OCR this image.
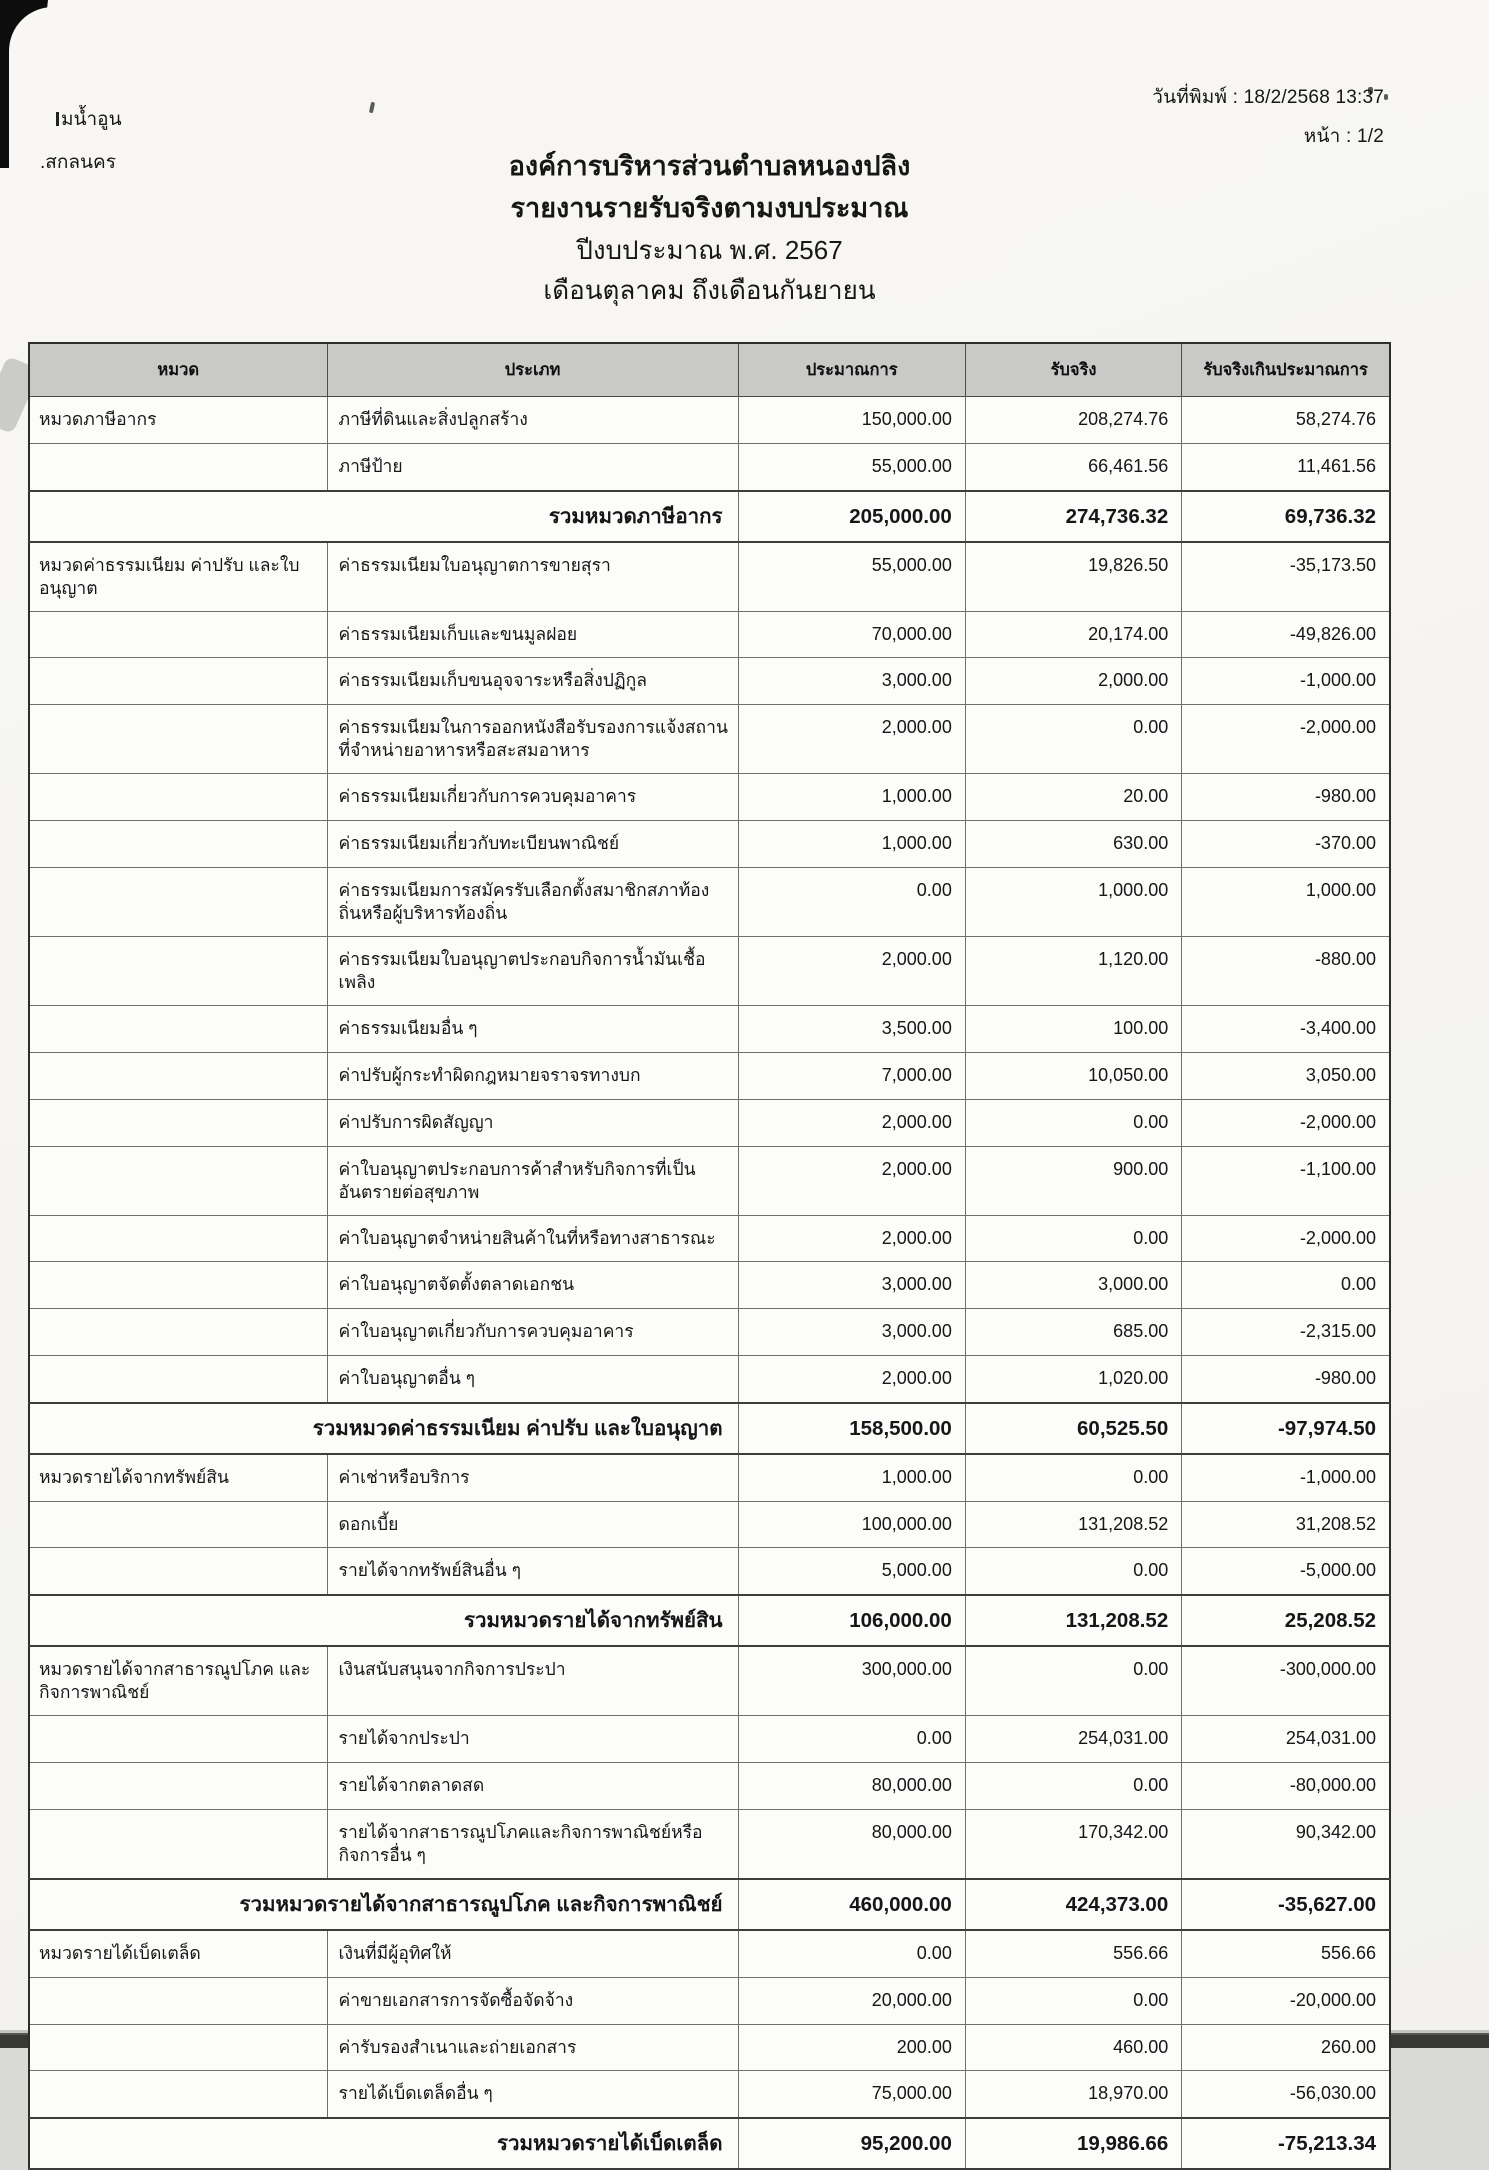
มน้ำอูน
.สกลนคร
วันที่พิมพ์ : 18/2/2568 13:37
หน้า : 1/2
องค์การบริหารส่วนตำบลหนองปลิง
รายงานรายรับจริงตามงบประมาณ
ปีงบประมาณ พ.ศ. 2567
เดือนตุลาคม ถึงเดือนกันยายน
หมวด	ประเภท	ประมาณการ	รับจริง	รับจริงเกินประมาณการ
หมวดภาษีอากร	ภาษีที่ดินและสิ่งปลูกสร้าง	150,000.00	208,274.76	58,274.76
	ภาษีป้าย	55,000.00	66,461.56	11,461.56
รวมหมวดภาษีอากร		205,000.00	274,736.32	69,736.32
หมวดค่าธรรมเนียม ค่าปรับ และใบอนุญาต	ค่าธรรมเนียมใบอนุญาตการขายสุรา	55,000.00	19,826.50	-35,173.50
	ค่าธรรมเนียมเก็บและขนมูลฝอย	70,000.00	20,174.00	-49,826.00
	ค่าธรรมเนียมเก็บขนอุจจาระหรือสิ่งปฏิกูล	3,000.00	2,000.00	-1,000.00
	ค่าธรรมเนียมในการออกหนังสือรับรองการแจ้งสถานที่จำหน่ายอาหารหรือสะสมอาหาร	2,000.00	0.00	-2,000.00
	ค่าธรรมเนียมเกี่ยวกับการควบคุมอาคาร	1,000.00	20.00	-980.00
	ค่าธรรมเนียมเกี่ยวกับทะเบียนพาณิชย์	1,000.00	630.00	-370.00
	ค่าธรรมเนียมการสมัครรับเลือกตั้งสมาชิกสภาท้องถิ่นหรือผู้บริหารท้องถิ่น	0.00	1,000.00	1,000.00
	ค่าธรรมเนียมใบอนุญาตประกอบกิจการน้ำมันเชื้อเพลิง	2,000.00	1,120.00	-880.00
	ค่าธรรมเนียมอื่น ๆ	3,500.00	100.00	-3,400.00
	ค่าปรับผู้กระทำผิดกฎหมายจราจรทางบก	7,000.00	10,050.00	3,050.00
	ค่าปรับการผิดสัญญา	2,000.00	0.00	-2,000.00
	ค่าใบอนุญาตประกอบการค้าสำหรับกิจการที่เป็นอันตรายต่อสุขภาพ	2,000.00	900.00	-1,100.00
	ค่าใบอนุญาตจำหน่ายสินค้าในที่หรือทางสาธารณะ	2,000.00	0.00	-2,000.00
	ค่าใบอนุญาตจัดตั้งตลาดเอกชน	3,000.00	3,000.00	0.00
	ค่าใบอนุญาตเกี่ยวกับการควบคุมอาคาร	3,000.00	685.00	-2,315.00
	ค่าใบอนุญาตอื่น ๆ	2,000.00	1,020.00	-980.00
รวมหมวดค่าธรรมเนียม ค่าปรับ และใบอนุญาต		158,500.00	60,525.50	-97,974.50
หมวดรายได้จากทรัพย์สิน	ค่าเช่าหรือบริการ	1,000.00	0.00	-1,000.00
	ดอกเบี้ย	100,000.00	131,208.52	31,208.52
	รายได้จากทรัพย์สินอื่น ๆ	5,000.00	0.00	-5,000.00
รวมหมวดรายได้จากทรัพย์สิน		106,000.00	131,208.52	25,208.52
หมวดรายได้จากสาธารณูปโภค และกิจการพาณิชย์	เงินสนับสนุนจากกิจการประปา	300,000.00	0.00	-300,000.00
	รายได้จากประปา	0.00	254,031.00	254,031.00
	รายได้จากตลาดสด	80,000.00	0.00	-80,000.00
	รายได้จากสาธารณูปโภคและกิจการพาณิชย์หรือกิจการอื่น ๆ	80,000.00	170,342.00	90,342.00
รวมหมวดรายได้จากสาธารณูปโภค และกิจการพาณิชย์		460,000.00	424,373.00	-35,627.00
หมวดรายได้เบ็ดเตล็ด	เงินที่มีผู้อุทิศให้	0.00	556.66	556.66
	ค่าขายเอกสารการจัดซื้อจัดจ้าง	20,000.00	0.00	-20,000.00
	ค่ารับรองสำเนาและถ่ายเอกสาร	200.00	460.00	260.00
	รายได้เบ็ดเตล็ดอื่น ๆ	75,000.00	18,970.00	-56,030.00
รวมหมวดรายได้เบ็ดเตล็ด		95,200.00	19,986.66	-75,213.34
